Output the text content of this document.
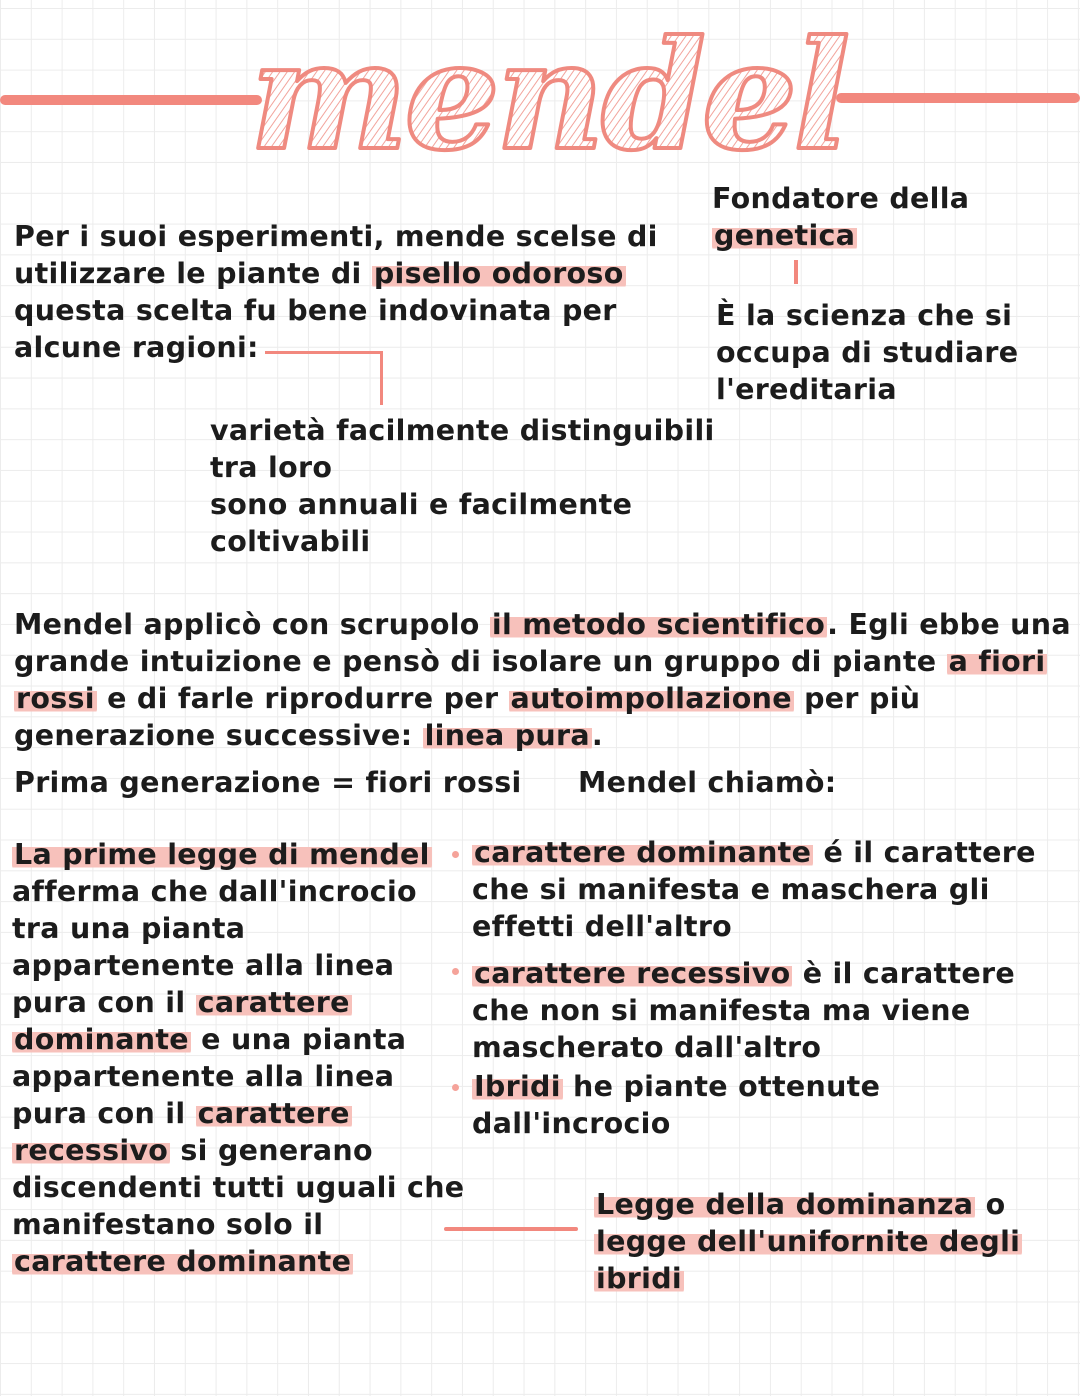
mendel
Per i suoi esperimenti, mende scelse di
utilizzare le piante di pisello odoroso
questa scelta fu bene indovinata per
alcune ragioni:
varietà facilmente distinguibili
tra loro
sono annuali e facilmente
coltivabili
Fondatore della
genetica
È la scienza che si
occupa di studiare
l'ereditaria
Mendel applicò con scrupolo il metodo scientifico. Egli ebbe una
grande intuizione e pensò di isolare un gruppo di piante a fiori
rossi e di farle riprodurre per autoimpollazione per più
generazione successive: linea pura.
Prima generazione = fiori rossi Mendel chiamò:
La prime legge di mendel
afferma che dall'incrocio
tra una pianta
appartenente alla linea
pura con il carattere
dominante e una pianta
appartenente alla linea
pura con il carattere
recessivo si generano
discendenti tutti uguali che
manifestano solo il
carattere dominante
carattere dominante é il carattere
che si manifesta e maschera gli
effetti dell'altro
carattere recessivo è il carattere
che non si manifesta ma viene
mascherato dall'altro
Ibridi he piante ottenute
dall'incrocio
Legge della dominanza o
legge dell'unifornite degli
ibridi
